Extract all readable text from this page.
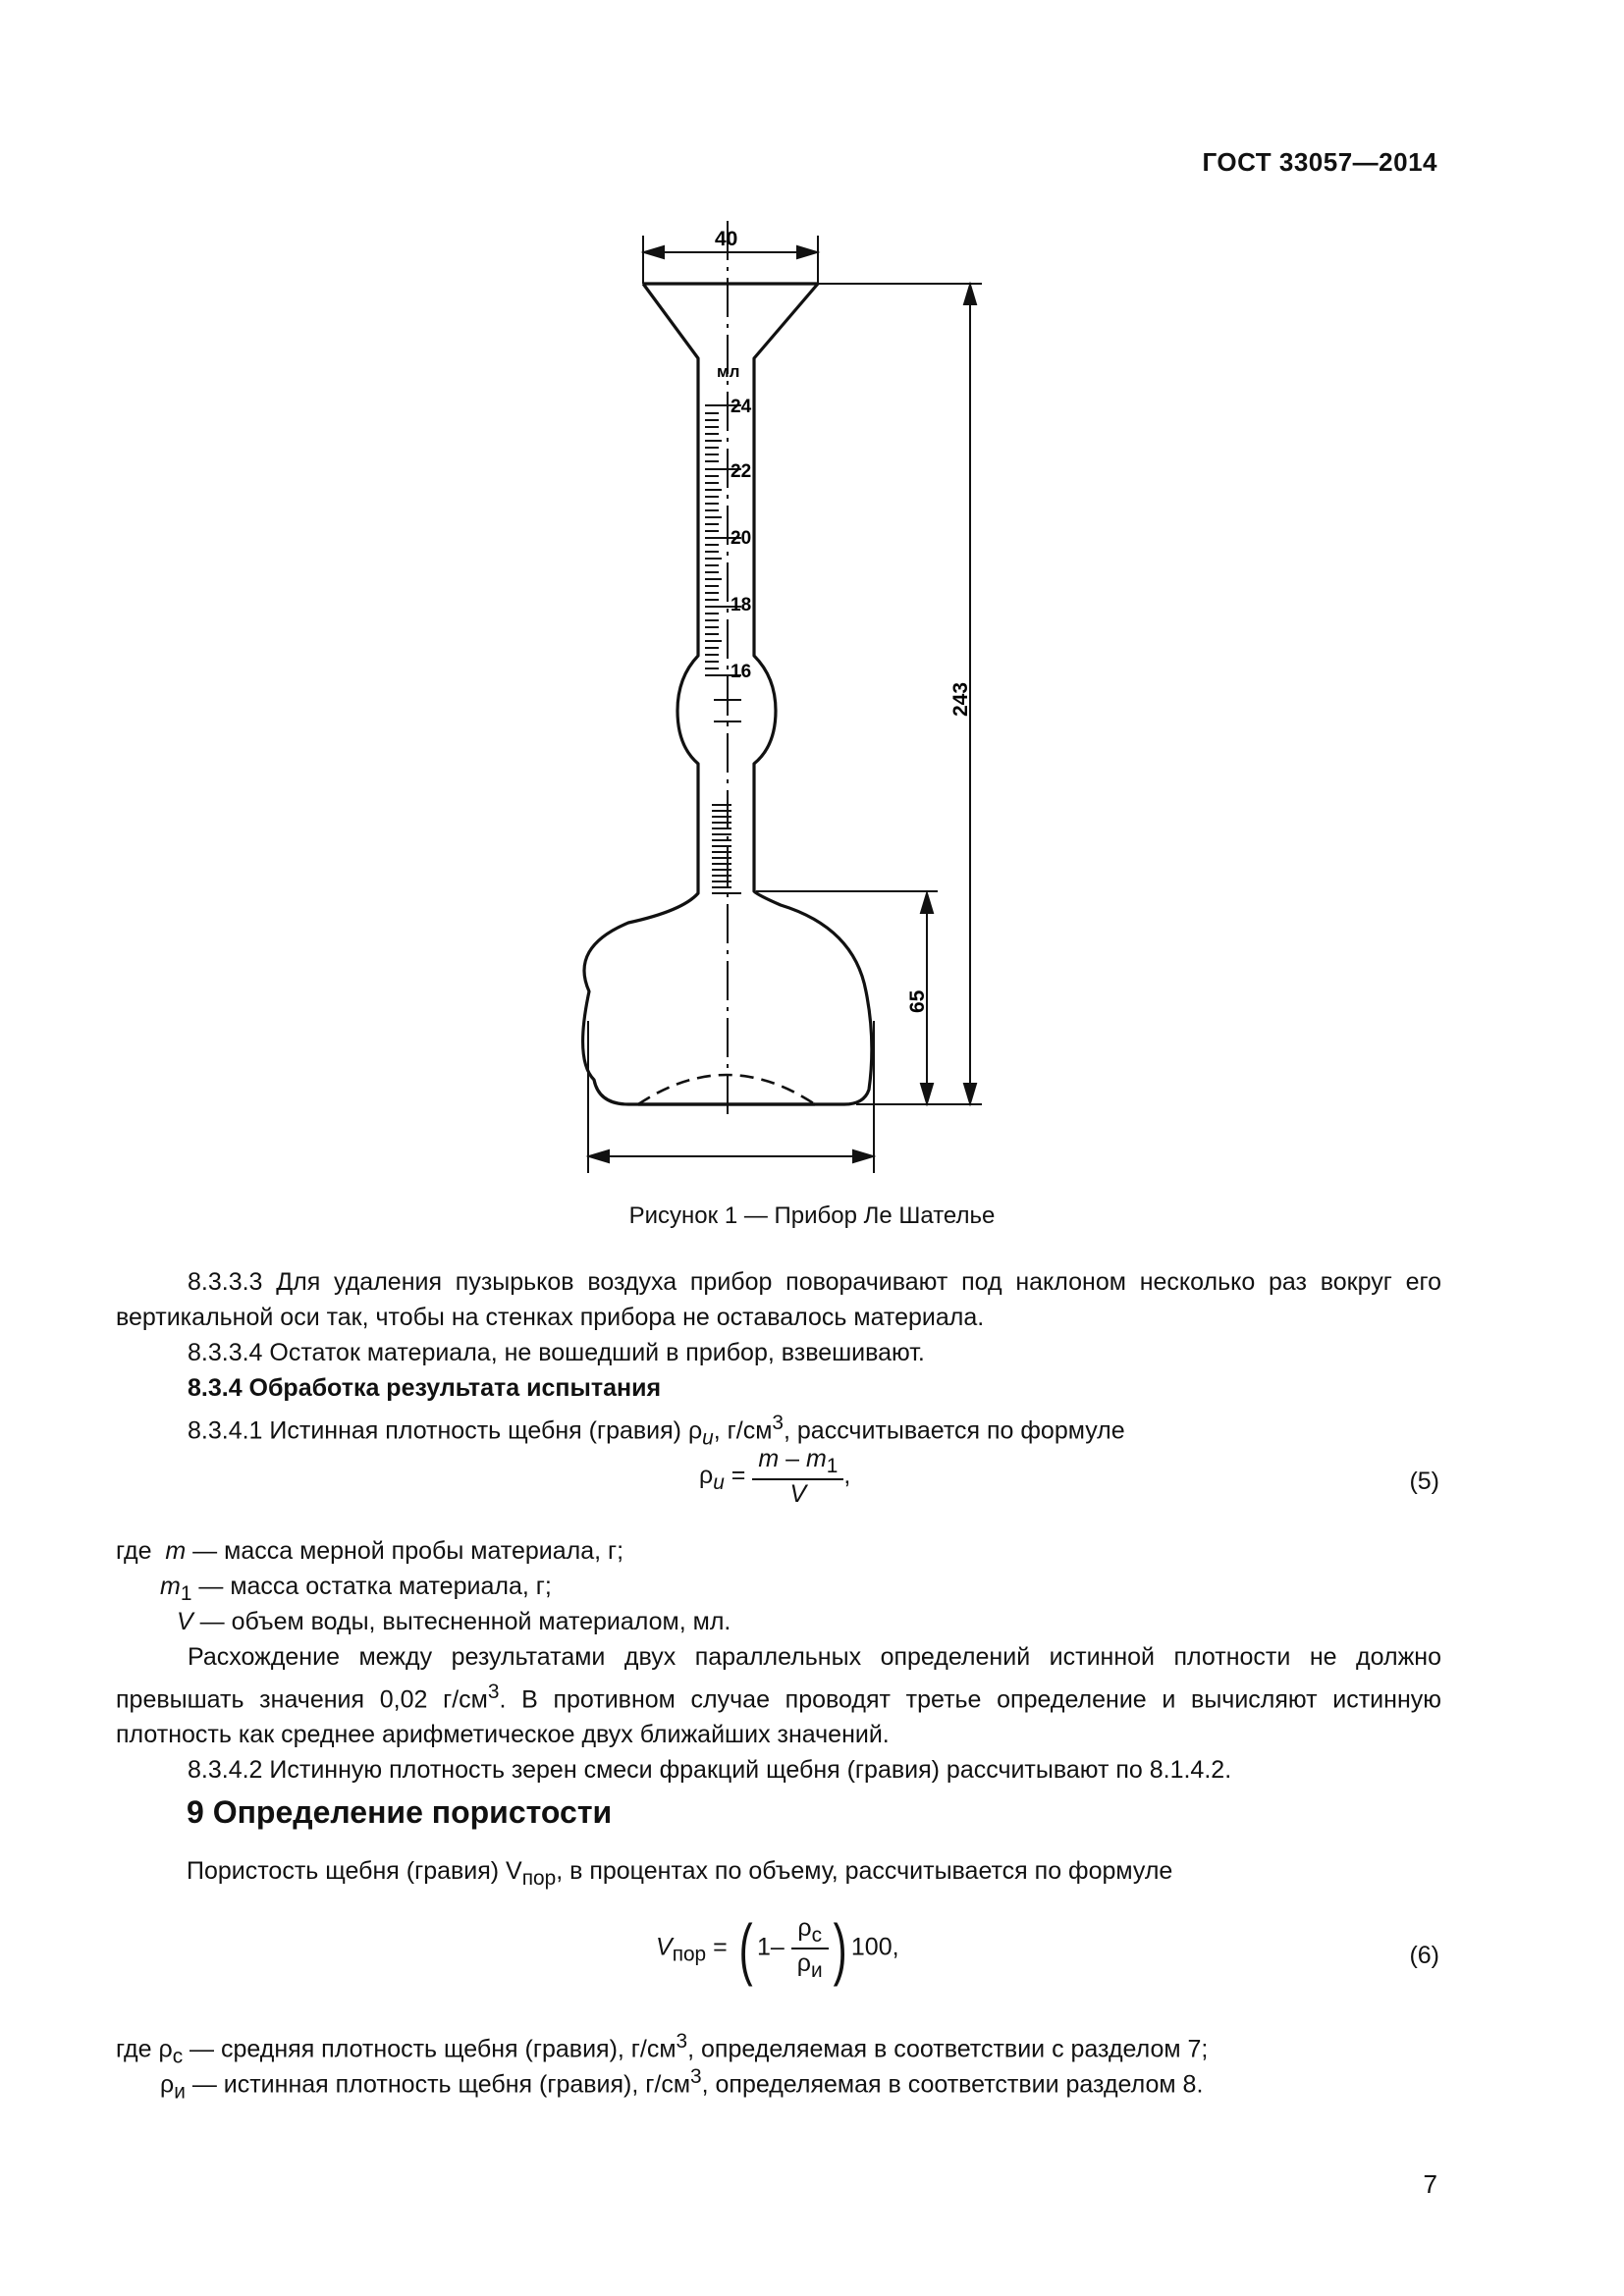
ГОСТ 33057—2014
мл
24
22
20
18
16
40
243
65
Рисунок 1 — Прибор Ле Шателье

8.3.3.3 Для удаления пузырьков воздуха прибор поворачивают под наклоном несколько раз вокруг его вертикальной оси так, чтобы на стенках прибора не оставалось материала.

8.3.3.4 Остаток материала, не вошедший в прибор, взвешивают.

8.3.4 Обработка результата испытания

8.3.4.1 Истинная плотность щебня (гравия) $\rho_u$, $г/см^3$, рассчитывается по формуле

$\rho_u = \frac{m - m_1}{V}$ ,	(5)
где m — масса мерной пробы материала, г;
$m_1$ — масса остатка материала, г;
V — объем воды, вытесненной материалом, мл.

Расхождение между результатами двух параллельных определений истинной плотности не должно превышать значения 0,02 $г/см^3$. В противном случае проводят третье определение и вычисляют истинную плотность как среднее арифметическое двух ближайших значений.

8.3.4.2 Истинную плотность зерен смеси фракций щебня (гравия) рассчитывают по 8.1.4.2.

9 Определение пористости
Пористость щебня (гравия) $V_{пор}$, в процентах по объему, рассчитывается по формуле
$V_{пор}$ = ( $1- \frac{\rho_с}{\rho_и}$ ) 100,	(6)
где $\rho_с$ — средняя плотность щебня (гравия), $г/см^3$, определяемая в соответствии с разделом 7;
$\rho_и$ — истинная плотность щебня (гравия), $г/см^3$, определяемая в соответствии разделом 8.
7
